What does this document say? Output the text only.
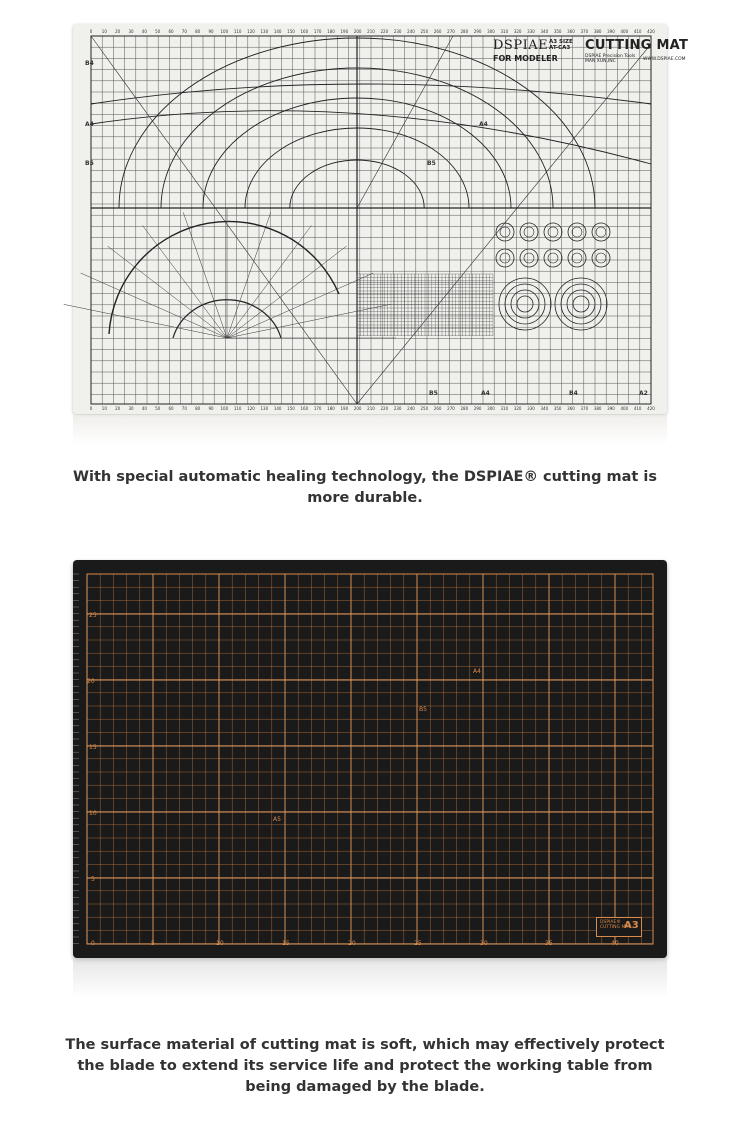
0
0
10
10
20
20
30
30
40
40
50
50
60
60
70
70
80
80
90
90
100
100
110
110
120
120
130
130
140
140
150
150
160
160
170
170
180
180
190
190
200
200
210
210
220
220
230
230
240
240
250
250
260
260
270
270
280
280
290
290
300
300
310
310
320
320
330
330
340
340
350
350
360
360
370
370
380
380
390
390
400
400
410
410
420
420
DSPIAE A3 SIZE
AT-CA3 CUTTING MAT
FOR MODELER	DSPIAE Precision Tools
MAN XUN,INC	WWW.DSPIAE.COM
B4
A4	A4
B5	B5
B5	A4	B4	A2
With special automatic healing technology, the DSPIAE® cutting mat is more durable.
25
20
15
10
5
0	5	10	15	20	25	30	35	40
A4
B5
A5
DSPIAE®
CUTTING MAT
A3
The surface material of cutting mat is soft, which may effectively protect the blade to extend its service life and protect the working table from being damaged by the blade.
